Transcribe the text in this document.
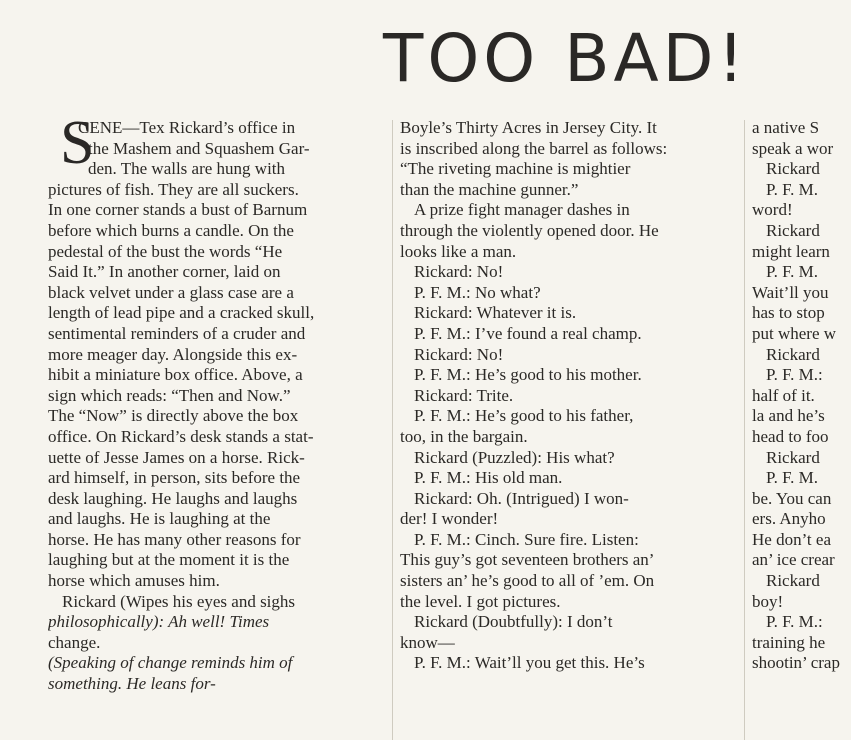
TOO BAD!
S

CENE—Tex Rickard’s office in

the Mashem and Squashem Gar-

den. The walls are hung with

pictures of fish. They are all suckers.

In one corner stands a bust of Barnum

before which burns a candle. On the

pedestal of the bust the words “He

Said It.” In another corner, laid on

black velvet under a glass case are a

length of lead pipe and a cracked skull,

sentimental reminders of a cruder and

more meager day. Alongside this ex-

hibit a miniature box office. Above, a

sign which reads: “Then and Now.”

The “Now” is directly above the box

office. On Rickard’s desk stands a stat-

uette of Jesse James on a horse. Rick-

ard himself, in person, sits before the

desk laughing. He laughs and laughs

and laughs. He is laughing at the

horse. He has many other reasons for

laughing but at the moment it is the

horse which amuses him.

Rickard (Wipes his eyes and sighs

philosophically): Ah well! Times

change.

(Speaking of change reminds him of

something. He leans for-

Boyle’s Thirty Acres in Jersey City. It

is inscribed along the barrel as follows:

“The riveting machine is mightier

than the machine gunner.”

A prize fight manager dashes in

through the violently opened door. He

looks like a man.

Rickard: No!

P. F. M.: No what?

Rickard: Whatever it is.

P. F. M.: I’ve found a real champ.

Rickard: No!

P. F. M.: He’s good to his mother.

Rickard: Trite.

P. F. M.: He’s good to his father,

too, in the bargain.

Rickard (Puzzled): His what?

P. F. M.: His old man.

Rickard: Oh. (Intrigued) I won-

der! I wonder!

P. F. M.: Cinch. Sure fire. Listen:

This guy’s got seventeen brothers an’

sisters an’ he’s good to all of ’em. On

the level. I got pictures.

Rickard (Doubtfully): I don’t

know—

P. F. M.: Wait’ll you get this. He’s

a native S

speak a wor

Rickard

P. F. M.

word!

Rickard

might learn

P. F. M.

Wait’ll you

has to stop

put where w

Rickard

P. F. M.:

half of it.

la and he’s

head to foo

Rickard

P. F. M.

be. You can

ers. Anyho

He don’t ea

an’ ice crear

Rickard

boy!

P. F. M.:

training he

shootin’ crap
